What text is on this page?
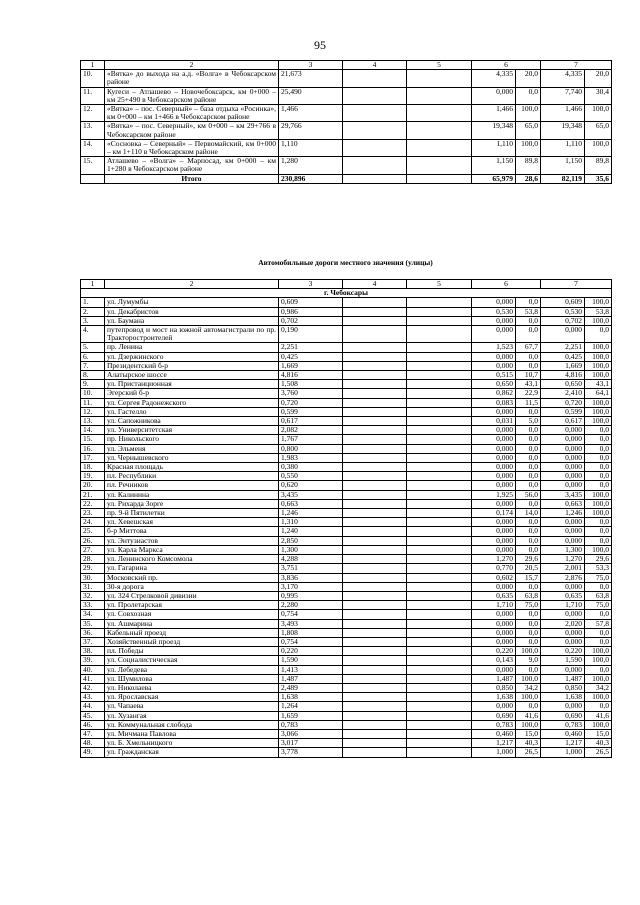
95
1	2	3	4	5	6		7	
10.	«Вятка» до выхода на а.д. «Волга» в Чебоксарском районе	21,673			4,335	20,0	4,335	20,0
11.	Кугеси – Атлашево – Новочебоксарск, км 0+000 – км 25+490 в Чебоксарском районе	25,490			0,000	0,0	7,740	30,4
12.	«Вятка» – пос. Северный» – база отдыха «Росинка», км 0+000 – км 1+466 в Чебоксарском районе	1,466			1,466	100,0	1,466	100,0
13.	«Вятка» – пос. Северный», км 0+000 – км 29+766 в Чебоксарском районе	29,766			19,348	65,0	19,348	65,0
14.	«Сосновка – Северный» – Первомайский, км 0+000 – км 1+110 в Чебоксарском районе	1,110			1,110	100,0	1,110	100,0
15.	Атлашево – «Волга» – Марпосад, км 0+000 – км 1+280 в Чебоксарском районе	1,280			1,150	89,8	1,150	89,8
	Итого	230,896			65,979	28,6	82,119	35,6
Автомобильные дороги местного значения (улицы)
1	2	3	4	5	6		7	
г. Чебоксары								
1.	ул. Лумумбы	0,609			0,000	0,0	0,609	100,0
2.	ул. Декабристов	0,986			0,530	53,8	0,530	53,8
3.	ул. Баумана	0,702			0,000	0,0	0,702	100,0
4.	путепровод и мост на южной автомагистрали по пр. Тракторостроителей	0,190			0,000	0,0	0,000	0,0
5.	пр. Ленина	2,251			1,523	67,7	2,251	100,0
6.	ул. Дзержинского	0,425			0,000	0,0	0,425	100,0
7.	Президентский б-р	1,669			0,000	0,0	1,669	100,0
8.	Алатырское шоссе	4,816			0,515	10,7	4,816	100,0
9.	ул. Пристанционная	1,508			0,650	43,1	0,650	43,1
10.	Эгерский б-р	3,760			0,862	22,9	2,410	64,1
11.	ул. Сергея Радонежского	0,720			0,083	11,5	0,720	100,0
12.	ул. Гастелло	0,599			0,000	0,0	0,599	100,0
13.	ул. Сапожникова	0,617			0,031	5,0	0,617	100,0
14.	ул. Университетская	2,082			0,000	0,0	0,000	0,0
15.	пр. Никольского	1,767			0,000	0,0	0,000	0,0
16.	ул. Эльменя	0,800			0,000	0,0	0,000	0,0
17.	ул. Чернышевского	1,983			0,000	0,0	0,000	0,0
18.	Красная площадь	0,380			0,000	0,0	0,000	0,0
19.	пл. Республики	0,550			0,000	0,0	0,000	0,0
20.	пл. Речников	0,620			0,000	0,0	0,000	0,0
21.	ул. Калинина	3,435			1,925	56,0	3,435	100,0
22.	ул. Рихарда Зорге	0,663			0,000	0,0	0,663	100,0
23.	пр. 9-й Пятилетки	1,246			0,174	14,0	1,246	100,0
24.	ул. Хевешская	1,310			0,000	0,0	0,000	0,0
25.	б-р Миттова	1,240			0,000	0,0	0,000	0,0
26.	ул. Энтузиастов	2,850			0,000	0,0	0,000	0,0
27.	ул. Карла Маркса	1,300			0,000	0,0	1,300	100,0
28.	ул. Ленинского Комсомола	4,288			1,270	29,6	1,270	29,6
29.	ул. Гагарина	3,751			0,770	20,5	2,001	53,3
30.	Московский пр.	3,836			0,602	15,7	2,876	75,0
31.	30-я дорога	3,170			0,000	0,0	0,000	0,0
32.	ул. 324 Стрелковой дивизии	0,995			0,635	63,8	0,635	63,8
33.	ул. Пролетарская	2,280			1,710	75,0	1,710	75,0
34.	ул. Совхозная	0,754			0,000	0,0	0,000	0,0
35.	ул. Ашмарина	3,493			0,000	0,0	2,020	57,8
36.	Кабельный проезд	1,808			0,000	0,0	0,000	0,0
37.	Хозяйственный проезд	0,754			0,000	0,0	0,000	0,0
38.	пл. Победы	0,220			0,220	100,0	0,220	100,0
39.	ул. Социалистическая	1,590			0,143	9,0	1,590	100,0
40.	ул. Лебедева	1,413			0,000	0,0	0,000	0,0
41.	ул. Шумилова	1,487			1,487	100,0	1,487	100,0
42.	ул. Николаева	2,489			0,850	34,2	0,850	34,2
43.	ул. Ярославская	1,638			1,638	100,0	1,638	100,0
44.	ул. Чапаева	1,264			0,000	0,0	0,000	0,0
45.	ул. Хузангая	1,659			0,690	41,6	0,690	41,6
46.	ул. Коммунальная слобода	0,783			0,783	100,0	0,783	100,0
47.	ул. Мичмана Павлова	3,066			0,460	15,0	0,460	15,0
48.	ул. Б. Хмельницкого	3,017			1,217	40,3	1,217	40,3
49.	ул. Гражданская	3,778			1,000	26,5	1,000	26,5
